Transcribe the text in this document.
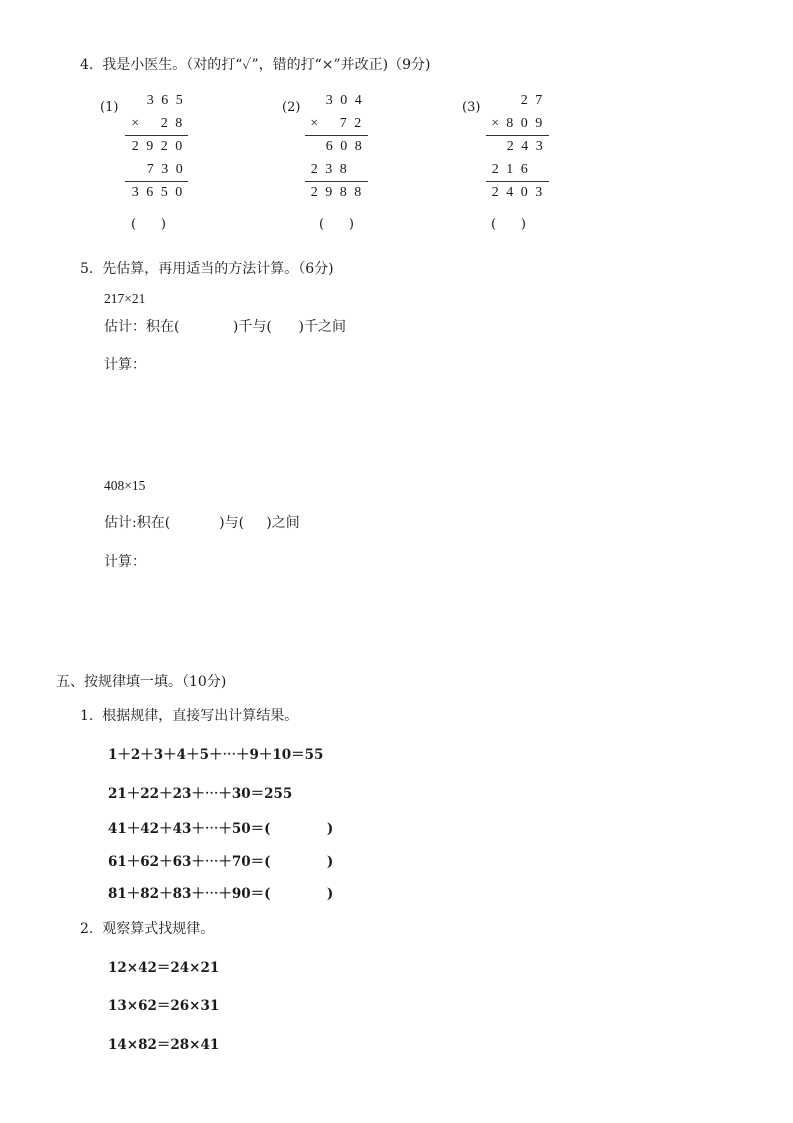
4.  我是小医生。（对的打“✓”，错的打“×”并改正)（9分)
(1) 3 6 5
× 2 8
2 9 2 0
7 3 0
3 6 5 0
(      )
(2) 3 0 4
× 7 2
6 0 8
2 3 8
2 9 8 8
(      )
(3)	2 7
× 8 0 9
2 4 3
2 1 6
2 4 0 3
(      )
5.  先估算，再用适当的方法计算。（6分)
217×21
估计：积在(            )千与(      )千之间
计算：
408×15
估计:积在(           )与(     )之间
计算：
五、按规律填一填。（10分)
1.  根据规律，直接写出计算结果。
1＋2＋3＋4＋5＋⋯＋9＋10＝55
21＋22＋23＋⋯＋30＝255
41＋42＋43＋⋯＋50＝(            )
61＋62＋63＋⋯＋70＝(            )
81＋82＋83＋⋯＋90＝(            )
2.  观察算式找规律。
12×42＝24×21
13×62＝26×31
14×82＝28×41
